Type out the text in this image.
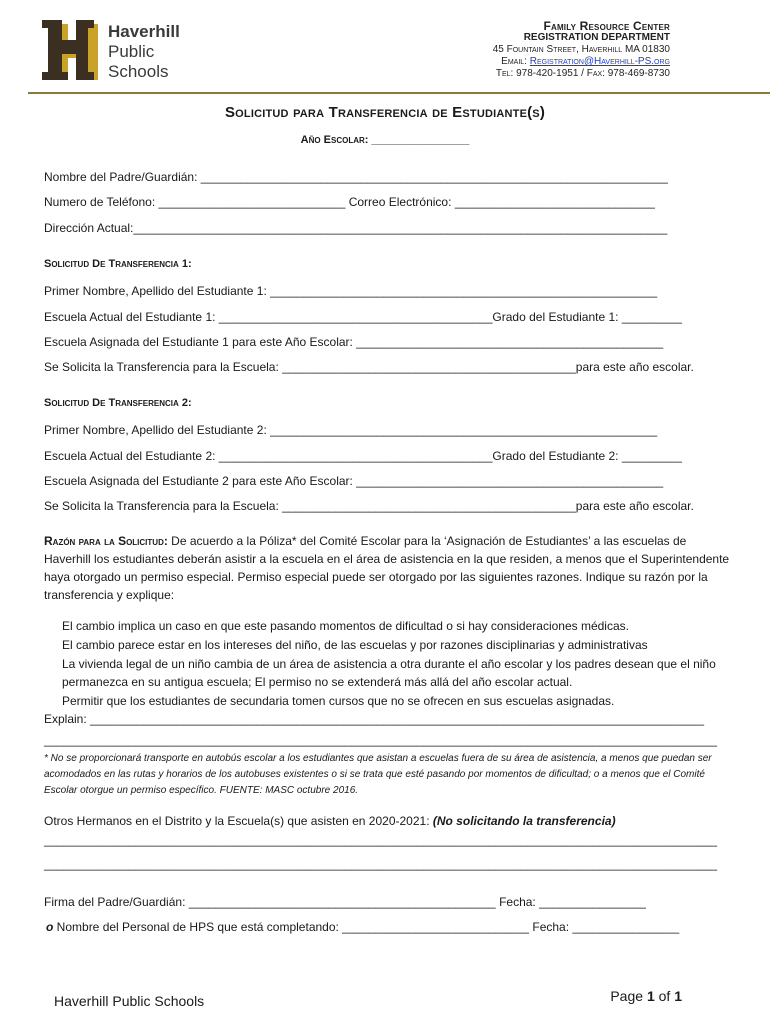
Haverhill
Public
Schools
Family Resource Center
REGISTRATION DEPARTMENT
45 Fountain Street, Haverhill MA 01830
Email: Registration@Haverhill-PS.org
Tel: 978-420-1951 / Fax: 978-469-8730
Solicitud para Transferencia de Estudiante(s)
Año Escolar: ________________
Nombre del Padre/Guardián: ______________________________________________________________________
Numero de Teléfono: ____________________________ Correo Electrónico: ______________________________
Dirección Actual:________________________________________________________________________________
Solicitud De Transferencia 1:
Primer Nombre, Apellido del Estudiante 1: __________________________________________________________
Escuela Actual del Estudiante 1: _________________________________________Grado del Estudiante 1: _________
Escuela Asignada del Estudiante 1 para este Año Escolar: ______________________________________________
Se Solicita la Transferencia para la Escuela: ____________________________________________para este año escolar.
Solicitud De Transferencia 2:
Primer Nombre, Apellido del Estudiante 2: __________________________________________________________
Escuela Actual del Estudiante 2: _________________________________________Grado del Estudiante 2: _________
Escuela Asignada del Estudiante 2 para este Año Escolar: ______________________________________________
Se Solicita la Transferencia para la Escuela: ____________________________________________para este año escolar.
Razón para la Solicitud: De acuerdo a la Póliza* del Comité Escolar para la ‘Asignación de Estudiantes’ a las escuelas de Haverhill los estudiantes deberán asistir a la escuela en el área de asistencia en la que residen, a menos que el Superintendente haya otorgado un permiso especial. Permiso especial puede ser otorgado por las siguientes razones. Indique su razón por la transferencia y explique:
El cambio implica un caso en que este pasando momentos de dificultad o si hay consideraciones médicas.
El cambio parece estar en los intereses del niño, de las escuelas y por razones disciplinarias y administrativas
La vivienda legal de un niño cambia de un área de asistencia a otra durante el año escolar y los padres desean que el niño permanezca en su antigua escuela; El permiso no se extenderá más allá del año escolar actual.
Permitir que los estudiantes de secundaria tomen cursos que no se ofrecen en sus escuelas asignadas.
Explain: ____________________________________________________________________________________________
_______________________________________________________________________________________________________
* No se proporcionará transporte en autobús escolar a los estudiantes que asistan a escuelas fuera de su área de asistencia, a menos que puedan ser acomodados en las rutas y horarios de los autobuses existentes o si se trata que esté pasando por momentos de dificultad; o a menos que el Comité Escolar otorgue un permiso específico. FUENTE: MASC octubre 2016.
Otros Hermanos en el Distrito y la Escuela(s) que asisten en 2020-2021: (No solicitando la transferencia)
_______________________________________________________________________________________________________
_______________________________________________________________________________________________________
Firma del Padre/Guardián: ______________________________________________ Fecha: ________________
o Nombre del Personal de HPS que está completando: ____________________________ Fecha: ________________
Haverhill Public Schools	Page 1 of 1
